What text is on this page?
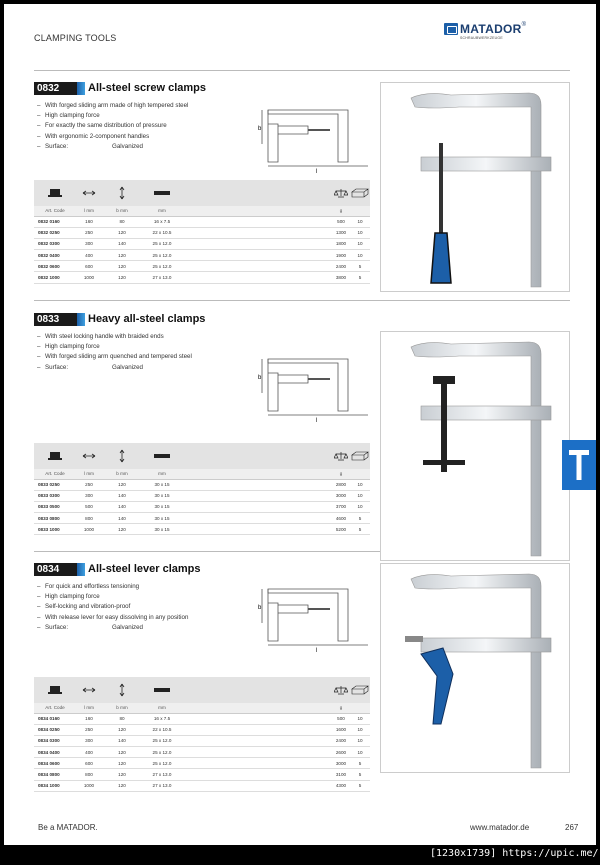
CLAMPING TOOLS
MATADOR ®
SCHRAUBWERKZEUGE
0832	All-steel screw clamps
– With forged sliding arm made of high tempered steel
– High clamping force
– For exactly the same distribution of pressure
– With ergonomic 2-component handles
– Surface:	Galvanized
b
l

Art. Code	l mm	b mm	mm		g	
0832 0160	160	80	16 x 7.5		500	10
0832 0250	250	120	22 x 10.5		1300	10
0832 0300	300	140	25 x 12.0		1800	10
0832 0400	400	120	25 x 12.0		1900	10
0832 0600	600	120	25 x 12.0		2400	5
0832 1000	1000	120	27 x 13.0		3800	5
0833	Heavy all-steel clamps
– With steel locking handle with braided ends
– High clamping force
– With forged sliding arm quenched and tempered steel
– Surface:	Galvanized
b
l

Art. Code	l mm	b mm	mm		g	
0833 0250	250	120	30 x 15		2800	10
0833 0300	300	140	30 x 15		3000	10
0833 0500	500	140	30 x 15		3700	10
0833 0800	800	140	30 x 15		4600	5
0833 1000	1000	120	30 x 15		5200	5
0834	All-steel lever clamps
– For quick and effortless tensioning
– High clamping force
– Self-locking and vibration-proof
– With release lever for easy dissolving in any position
– Surface:	Galvanized
b
l

Art. Code	l mm	b mm	mm		g	
0834 0160	160	80	16 x 7.5		500	10
0834 0250	250	120	22 x 10.5		1600	10
0834 0300	300	140	25 x 12.0		2400	10
0834 0400	400	120	25 x 12.0		2600	10
0834 0600	600	120	25 x 12.0		3000	5
0834 0800	800	120	27 x 13.0		3100	5
0834 1000	1000	120	27 x 13.0		4300	5
Be a MATADOR.	www.matador.de	267
[1230x1739] https://upic.me/
